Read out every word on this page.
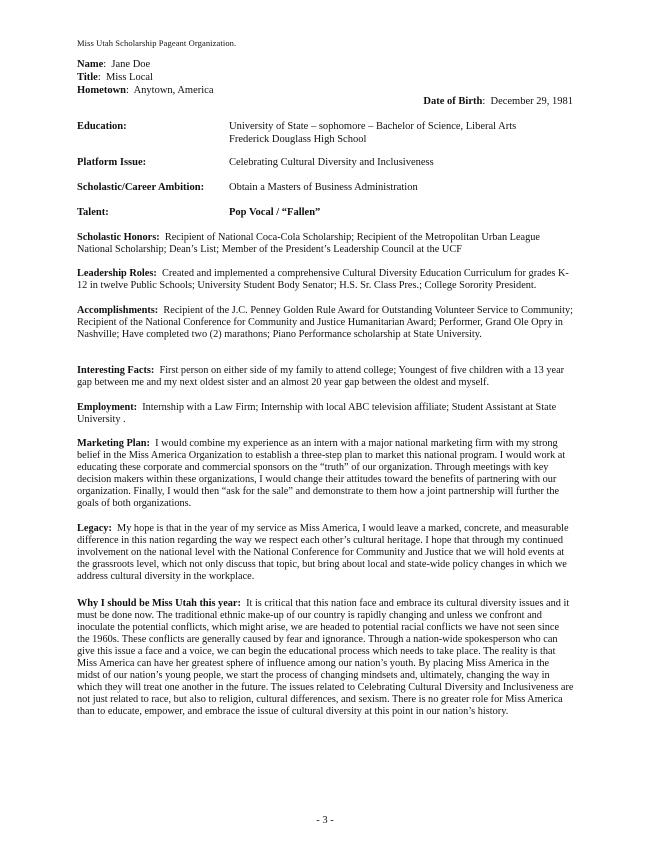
Miss Utah Scholarship Pageant Organization.
Name:  Jane Doe
Title:  Miss Local
Hometown:  Anytown, America
Date of Birth:  December 29, 1981
Education:	University of State – sophomore – Bachelor of Science, Liberal Arts
Frederick Douglass High School
Platform Issue:	Celebrating Cultural Diversity and Inclusiveness
Scholastic/Career Ambition: Obtain a Masters of Business Administration
Talent:	Pop Vocal / “Fallen”
Scholastic Honors: Recipient of National Coca-Cola Scholarship; Recipient of the Metropolitan Urban League National Scholarship; Dean’s List; Member of the President’s Leadership Council at the UCF
Leadership Roles: Created and implemented a comprehensive Cultural Diversity Education Curriculum for grades K-12 in twelve Public Schools; University Student Body Senator; H.S. Sr. Class Pres.; College Sorority President.
Accomplishments: Recipient of the J.C. Penney Golden Rule Award for Outstanding Volunteer Service to Community; Recipient of the National Conference for Community and Justice Humanitarian Award; Performer, Grand Ole Opry in Nashville; Have completed two (2) marathons; Piano Performance scholarship at State University.
Interesting Facts: First person on either side of my family to attend college; Youngest of five children with a 13 year gap between me and my next oldest sister and an almost 20 year gap between the oldest and myself.
Employment: Internship with a Law Firm; Internship with local ABC television affiliate; Student Assistant at State University .
Marketing Plan: I would combine my experience as an intern with a major national marketing firm with my strong belief in the Miss America Organization to establish a three-step plan to market this national program. I would work at educating these corporate and commercial sponsors on the “truth” of our organization. Through meetings with key decision makers within these organizations, I would change their attitudes toward the benefits of partnering with our organization. Finally, I would then “ask for the sale” and demonstrate to them how a joint partnership will further the goals of both organizations.
Legacy: My hope is that in the year of my service as Miss America, I would leave a marked, concrete, and measurable difference in this nation regarding the way we respect each other’s cultural heritage. I hope that through my continued involvement on the national level with the National Conference for Community and Justice that we will hold events at the grassroots level, which not only discuss that topic, but bring about local and state-wide policy changes in which we address cultural diversity in the workplace.
Why I should be Miss Utah this year: It is critical that this nation face and embrace its cultural diversity issues and it must be done now. The traditional ethnic make-up of our country is rapidly changing and unless we confront and inoculate the potential conflicts, which might arise, we are headed to potential racial conflicts we have not seen since the 1960s. These conflicts are generally caused by fear and ignorance. Through a nation-wide spokesperson who can give this issue a face and a voice, we can begin the educational process which needs to take place. The reality is that Miss America can have her greatest sphere of influence among our nation’s youth. By placing Miss America in the midst of our nation’s young people, we start the process of changing mindsets and, ultimately, changing the way in which they will treat one another in the future. The issues related to Celebrating Cultural Diversity and Inclusiveness are not just related to race, but also to religion, cultural differences, and sexism. There is no greater role for Miss America than to educate, empower, and embrace the issue of cultural diversity at this point in our nation’s history.
- 3 -
